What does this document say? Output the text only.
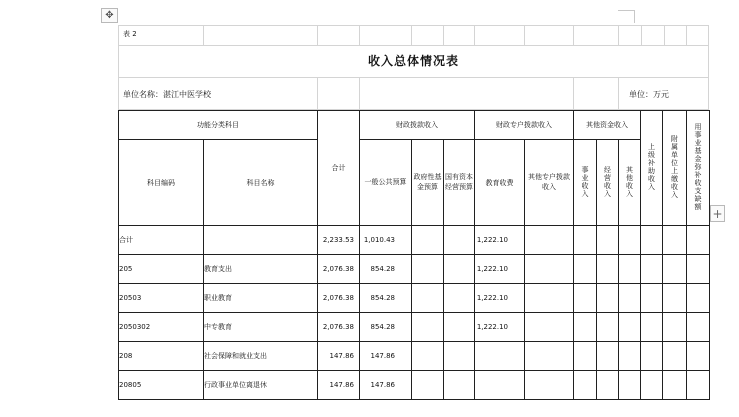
✥
+
表 2
收入总体情况表
单位名称：湛江中医学校	单位：万元
功能分类科目		合计	财政拨款收入			财政专户拨款收入		其他资金收入			上级补助收入	附属单位上缴收入	用事业基金弥补收支缺额
科目编码	科目名称		一般公共预算	政府性基金预算	国有资本经营预算	教育收费	其他专户拨款收入	事业收入	经营收入	其他收入			
合计		2,233.53	1,010.43			1,222.10							
205	教育支出	2,076.38	854.28			1,222.10							
20503	职业教育	2,076.38	854.28			1,222.10							
2050302	中专教育	2,076.38	854.28			1,222.10							
208	社会保障和就业支出	147.86	147.86										
20805	行政事业单位离退休	147.86	147.86										
